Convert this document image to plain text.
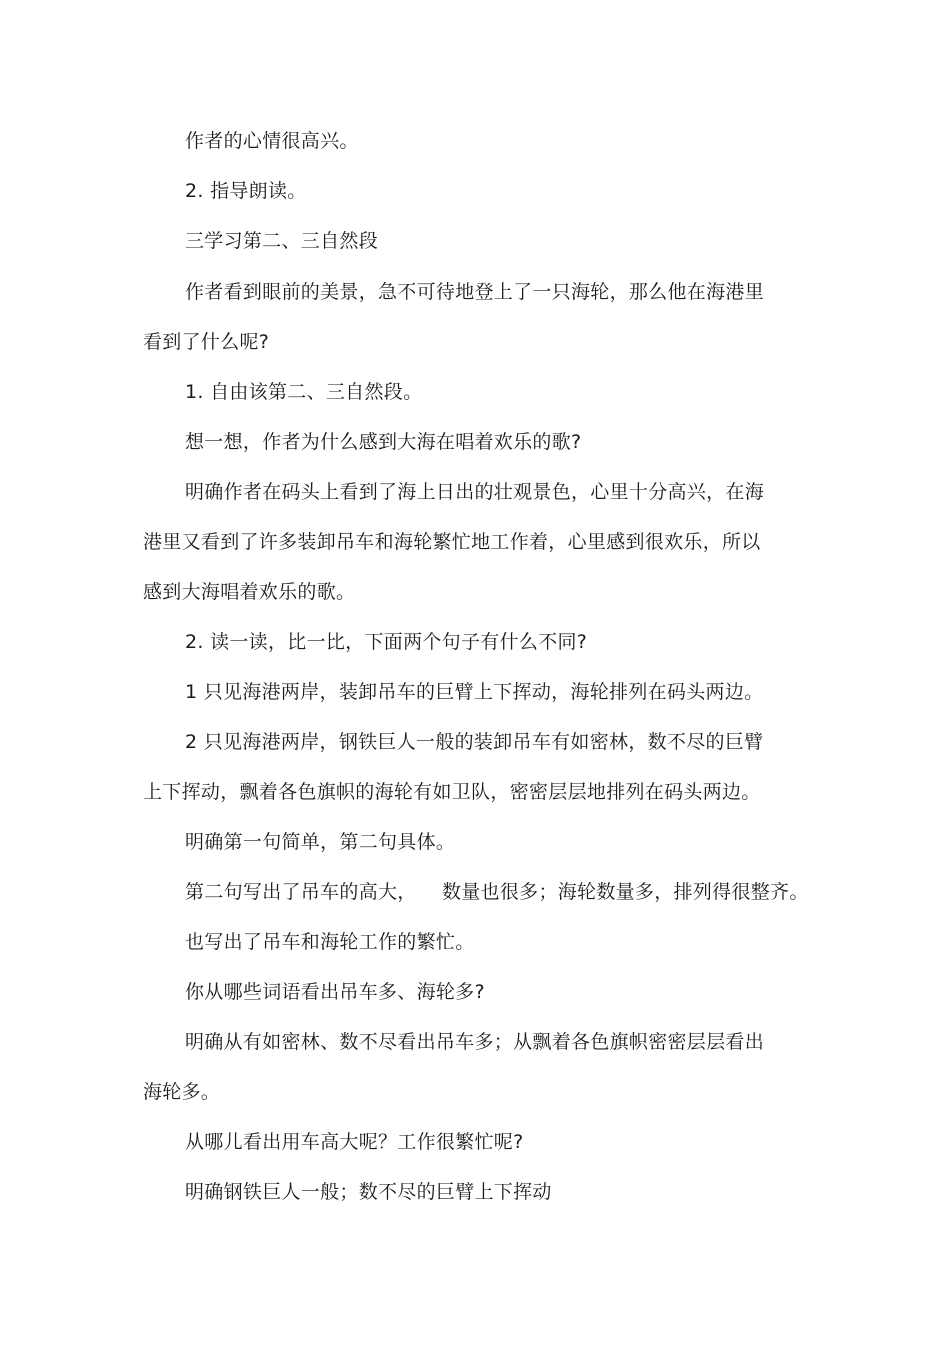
作者的心情很高兴。
2. 指导朗读。
三学习第二、三自然段
作者看到眼前的美景，急不可待地登上了一只海轮，那么他在海港里
看到了什么呢?
1. 自由该第二、三自然段。
想一想，作者为什么感到大海在唱着欢乐的歌?
明确作者在码头上看到了海上日出的壮观景色，心里十分高兴，在海
港里又看到了许多装卸吊车和海轮繁忙地工作着，心里感到很欢乐，所以
感到大海唱着欢乐的歌。
2. 读一读，比一比，下面两个句子有什么不同?
1 只见海港两岸，装卸吊车的巨臂上下挥动，海轮排列在码头两边。
2 只见海港两岸，钢铁巨人一般的装卸吊车有如密林，数不尽的巨臂
上下挥动，飘着各色旗帜的海轮有如卫队，密密层层地排列在码头两边。
明确第一句简单，第二句具体。
第二句写出了吊车的高大，    数量也很多；海轮数量多，排列得很整齐。
也写出了吊车和海轮工作的繁忙。
你从哪些词语看出吊车多、海轮多?
明确从有如密林、数不尽看出吊车多；从飘着各色旗帜密密层层看出
海轮多。
从哪儿看出用车高大呢？工作很繁忙呢?
明确钢铁巨人一般；数不尽的巨臂上下挥动
